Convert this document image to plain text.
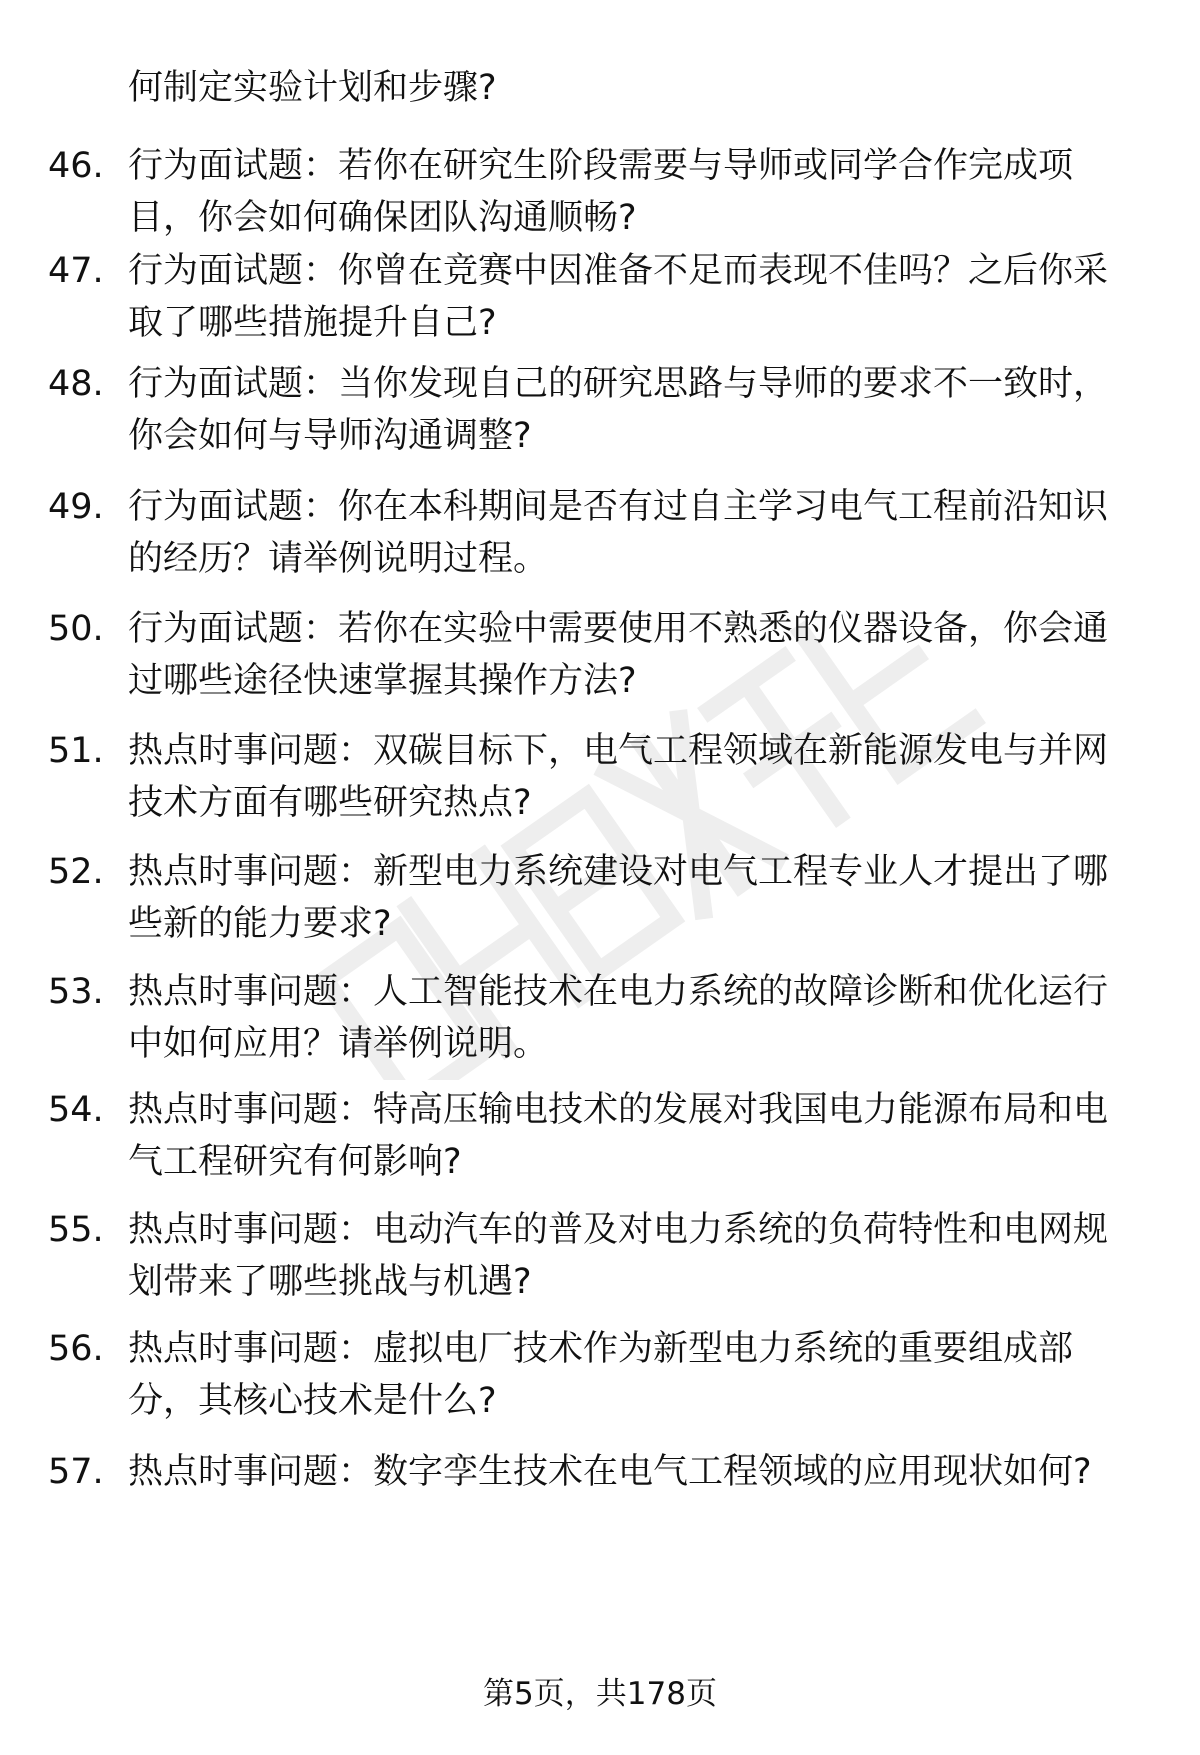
何制定实验计划和步骤?

46. 行为面试题：若你在研究生阶段需要与导师或同学合作完成项目，你会如何确保团队沟通顺畅?
47. 行为面试题：你曾在竞赛中因准备不足而表现不佳吗？之后你采取了哪些措施提升自己?
48. 行为面试题：当你发现自己的研究思路与导师的要求不一致时，你会如何与导师沟通调整?
49. 行为面试题：你在本科期间是否有过自主学习电气工程前沿知识的经历？请举例说明过程。
50. 行为面试题：若你在实验中需要使用不熟悉的仪器设备，你会通过哪些途径快速掌握其操作方法?
51. 热点时事问题：双碳目标下，电气工程领域在新能源发电与并网技术方面有哪些研究热点?
52. 热点时事问题：新型电力系统建设对电气工程专业人才提出了哪些新的能力要求?
53. 热点时事问题：人工智能技术在电力系统的故障诊断和优化运行中如何应用？请举例说明。
54. 热点时事问题：特高压输电技术的发展对我国电力能源布局和电气工程研究有何影响?
55. 热点时事问题：电动汽车的普及对电力系统的负荷特性和电网规划带来了哪些挑战与机遇?
56. 热点时事问题：虚拟电厂技术作为新型电力系统的重要组成部分，其核心技术是什么?
57. 热点时事问题：数字孪生技术在电气工程领域的应用现状如何?
第5页，共178页
